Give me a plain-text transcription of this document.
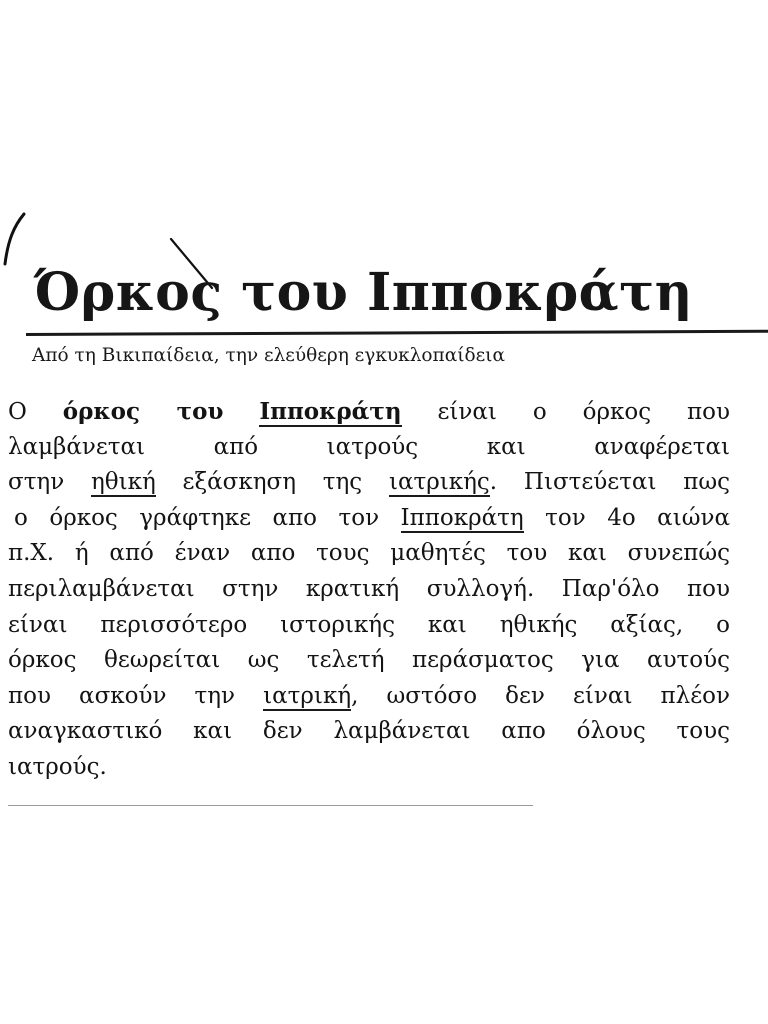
Όρκος του Ιπποκράτη
Από τη Βικιπαίδεια, την ελεύθερη εγκυκλοπαίδεια
Ο όρκος του Ιπποκράτη είναι ο όρκος που
λαμβάνεται από ιατρούς και αναφέρεται
στην ηθική εξάσκηση της ιατρικής. Πιστεύεται πως
ο όρκος γράφτηκε απο τον Ιπποκράτη τον 4ο αιώνα
π.Χ. ή από έναν απο τους μαθητές του και συνεπώς
περιλαμβάνεται στην κρατική συλλογή. Παρ'όλο που
είναι περισσότερο ιστορικής και ηθικής αξίας, ο
όρκος θεωρείται ως τελετή περάσματος για αυτούς
που ασκούν την ιατρική, ωστόσο δεν είναι πλέον
αναγκαστικό και δεν λαμβάνεται απο όλους τους
ιατρούς.
